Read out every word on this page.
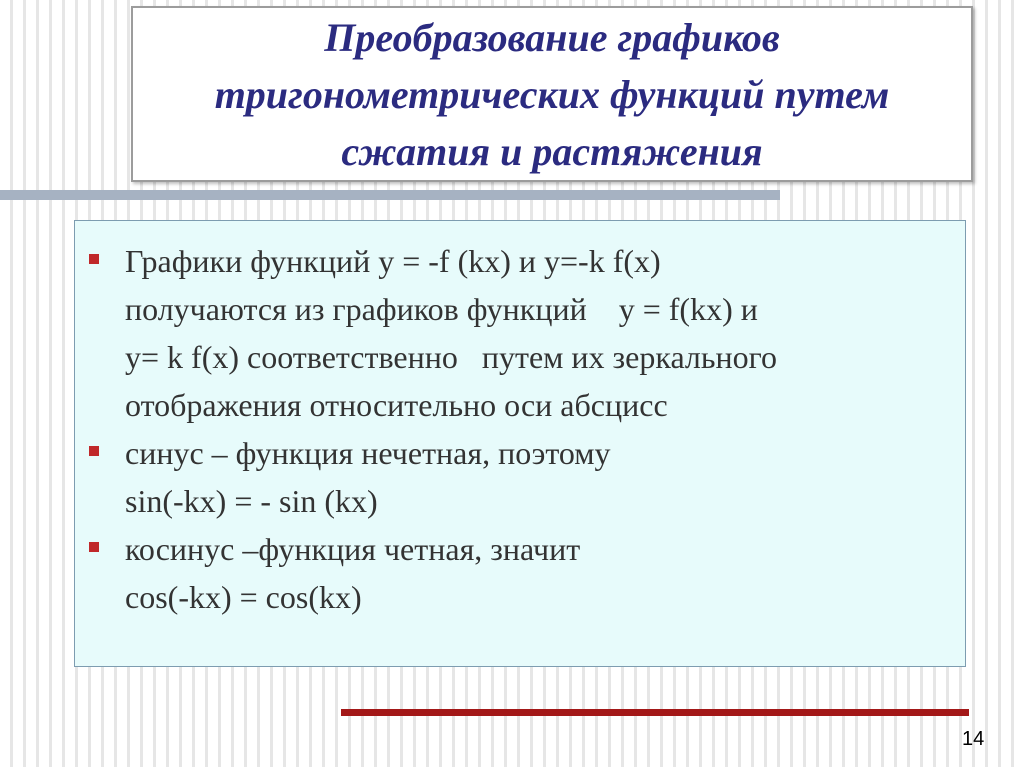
Преобразование графиков
тригонометрических функций путем
сжатия и растяжения
Графики функций y = -f (kx) и y=-k f(x)
получаются из графиков функций    y = f(kx) и
y= k f(x) соответственно   путем их зеркального
отображения относительно оси абсцисс
синус – функция нечетная, поэтому
sin(-kx) = - sin (kx)
косинус –функция четная, значит
cos(-kx) = cos(kx)
14
